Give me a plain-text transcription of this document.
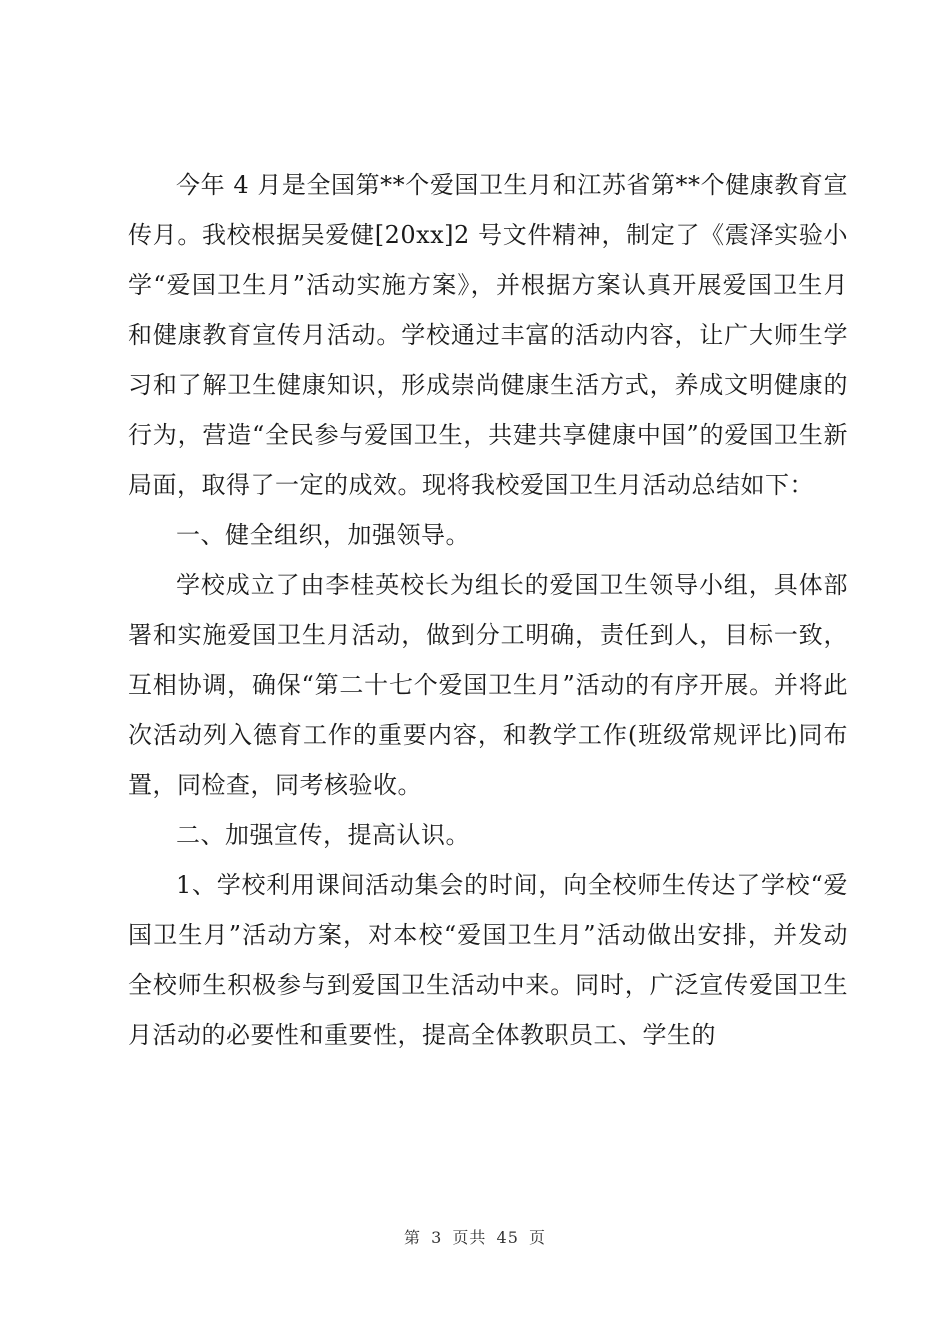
今年 4 月是全国第**个爱国卫生月和江苏省第**个健康教育宣传月。我校根据吴爱健[20xx]2 号文件精神，制定了《震泽实验小学“爱国卫生月”活动实施方案》，并根据方案认真开展爱国卫生月和健康教育宣传月活动。学校通过丰富的活动内容，让广大师生学习和了解卫生健康知识，形成崇尚健康生活方式，养成文明健康的行为，营造“全民参与爱国卫生，共建共享健康中国”的爱国卫生新局面，取得了一定的成效。现将我校爱国卫生月活动总结如下：

一、健全组织，加强领导。

学校成立了由李桂英校长为组长的爱国卫生领导小组，具体部署和实施爱国卫生月活动，做到分工明确，责任到人，目标一致，互相协调，确保“第二十七个爱国卫生月”活动的有序开展。并将此次活动列入德育工作的重要内容，和教学工作(班级常规评比)同布置，同检查，同考核验收。

二、加强宣传，提高认识。

1、学校利用课间活动集会的时间，向全校师生传达了学校“爱国卫生月”活动方案，对本校“爱国卫生月”活动做出安排，并发动全校师生积极参与到爱国卫生活动中来。同时，广泛宣传爱国卫生月活动的必要性和重要性，提高全体教职员工、学生的

第 3 页共 45 页
